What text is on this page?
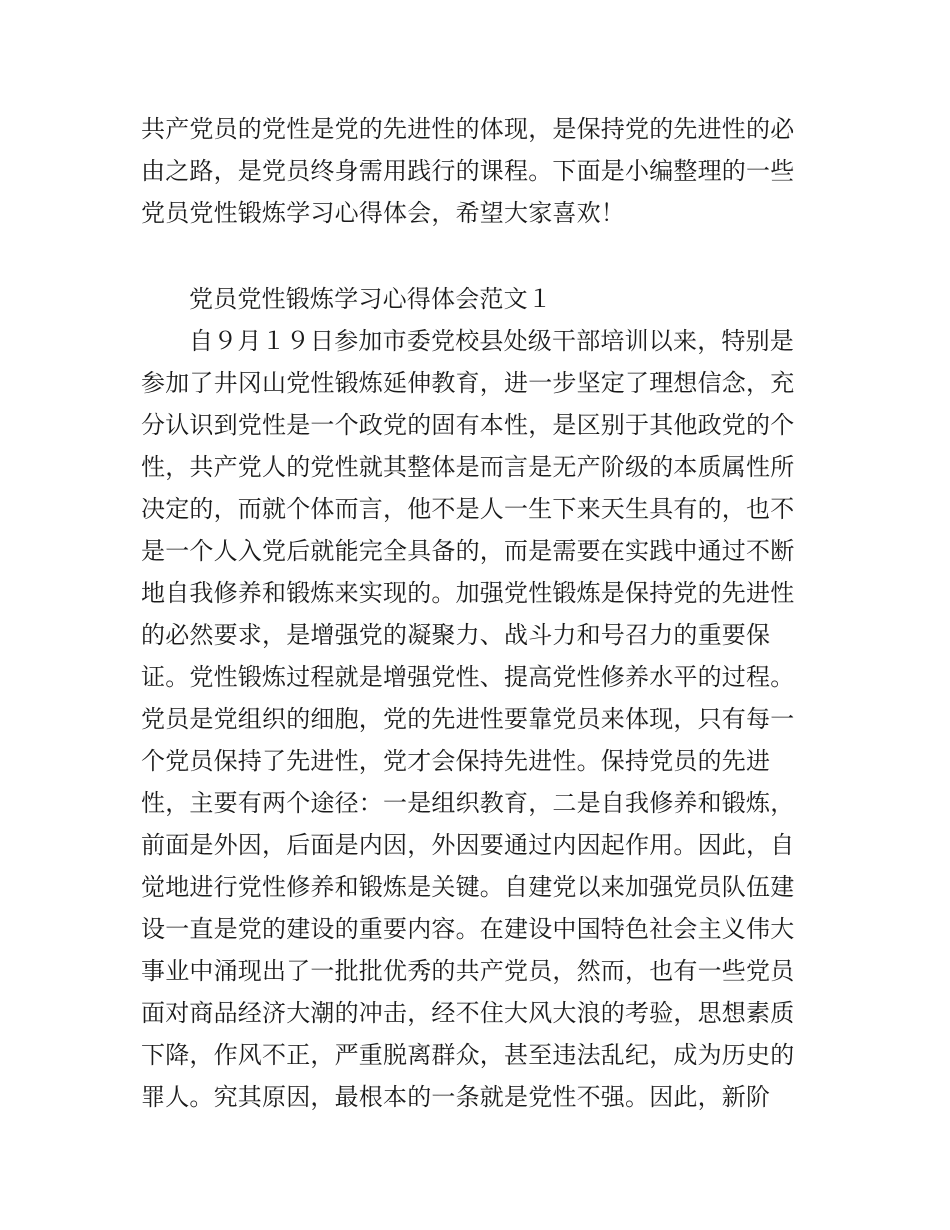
共产党员的党性是党的先进性的体现，是保持党的先进性的必
由之路，是党员终身需用践行的课程。下面是小编整理的一些
党员党性锻炼学习心得体会，希望大家喜欢！
党员党性锻炼学习心得体会范文１
自９月１９日参加市委党校县处级干部培训以来，特别是
参加了井冈山党性锻炼延伸教育，进一步坚定了理想信念，充
分认识到党性是一个政党的固有本性，是区别于其他政党的个
性，共产党人的党性就其整体是而言是无产阶级的本质属性所
决定的，而就个体而言，他不是人一生下来天生具有的，也不
是一个人入党后就能完全具备的，而是需要在实践中通过不断
地自我修养和锻炼来实现的。加强党性锻炼是保持党的先进性
的必然要求，是增强党的凝聚力、战斗力和号召力的重要保
证。党性锻炼过程就是增强党性、提高党性修养水平的过程。
党员是党组织的细胞，党的先进性要靠党员来体现，只有每一
个党员保持了先进性，党才会保持先进性。保持党员的先进
性，主要有两个途径：一是组织教育，二是自我修养和锻炼，
前面是外因，后面是内因，外因要通过内因起作用。因此，自
觉地进行党性修养和锻炼是关键。自建党以来加强党员队伍建
设一直是党的建设的重要内容。在建设中国特色社会主义伟大
事业中涌现出了一批批优秀的共产党员，然而，也有一些党员
面对商品经济大潮的冲击，经不住大风大浪的考验，思想素质
下降，作风不正，严重脱离群众，甚至违法乱纪，成为历史的
罪人。究其原因，最根本的一条就是党性不强。因此，新阶
